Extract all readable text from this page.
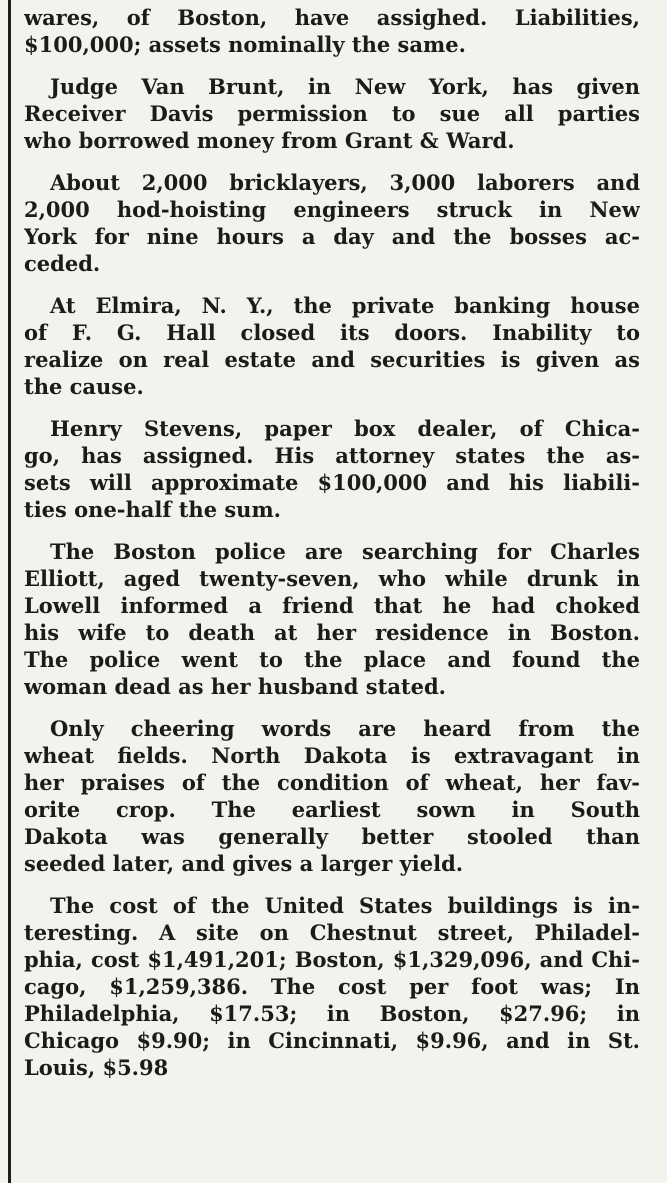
wares, of Boston, have assighed. Liabilities,
$100,000; assets nominally the same.
Judge Van Brunt, in New York, has given
Receiver Davis permission to sue all parties
who borrowed money from Grant & Ward.
About 2,000 bricklayers, 3,000 laborers and
2,000 hod-hoisting engineers struck in New
York for nine hours a day and the bosses ac-
ceded.
At Elmira, N. Y., the private banking house
of F. G. Hall closed its doors. Inability to
realize on real estate and securities is given as
the cause.
Henry Stevens, paper box dealer, of Chica-
go, has assigned. His attorney states the as-
sets will approximate $100,000 and his liabili-
ties one-half the sum.
The Boston police are searching for Charles
Elliott, aged twenty-seven, who while drunk in
Lowell informed a friend that he had choked
his wife to death at her residence in Boston.
The police went to the place and found the
woman dead as her husband stated.
Only cheering words are heard from the
wheat fields. North Dakota is extravagant in
her praises of the condition of wheat, her fav-
orite crop. The earliest sown in South
Dakota was generally better stooled than
seeded later, and gives a larger yield.
The cost of the United States buildings is in-
teresting. A site on Chestnut street, Philadel-
phia, cost $1,491,201; Boston, $1,329,096, and Chi-
cago, $1,259,386. The cost per foot was; In
Philadelphia, $17.53; in Boston, $27.96; in
Chicago $9.90; in Cincinnati, $9.96, and in St.
Louis, $5.98
